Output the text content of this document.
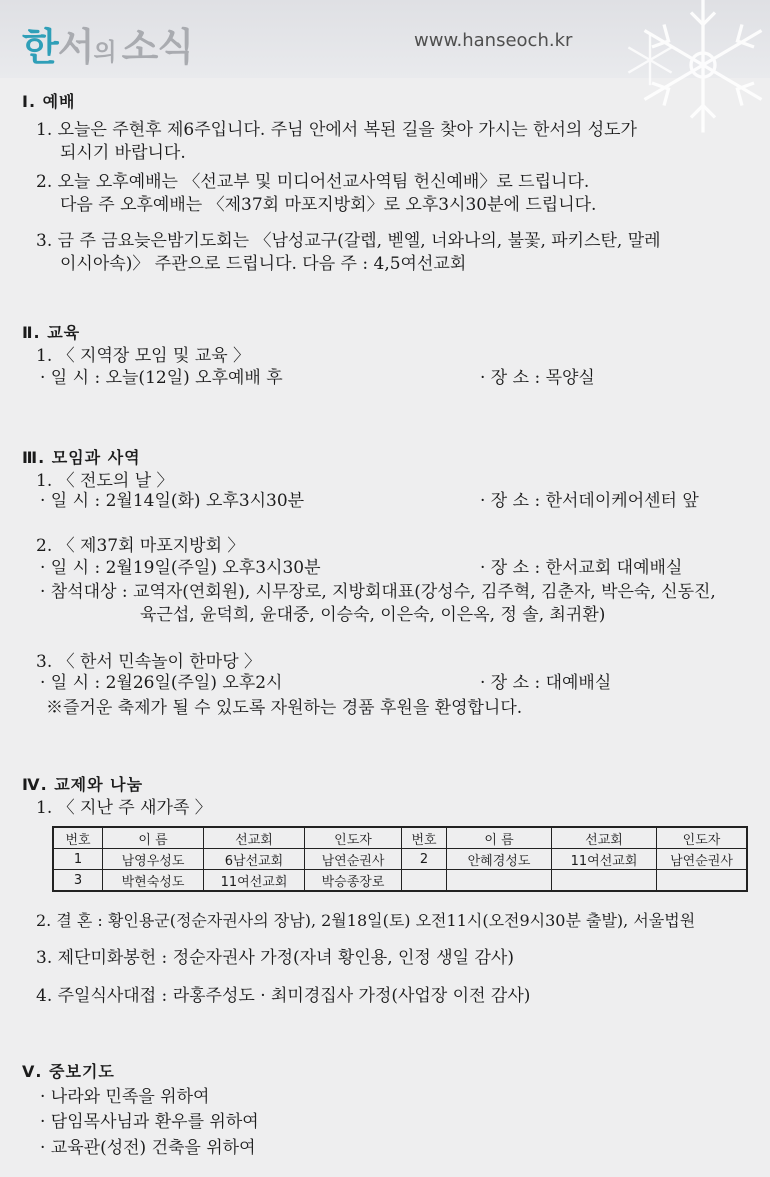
한서의 소식	www.hanseoch.kr
Ⅰ. 예배
1. 오늘은 주현후 제6주입니다. 주님 안에서 복된 길을 찾아 가시는 한서의 성도가
되시기 바랍니다.
2. 오늘 오후예배는 〈선교부 및 미디어선교사역팀 헌신예배〉로 드립니다.
다음 주 오후예배는 〈제37회 마포지방회〉로 오후3시30분에 드립니다.
3. 금 주 금요늦은밤기도회는 〈남성교구(갈렙, 벧엘, 너와나의, 불꽃, 파키스탄, 말레
이시아속)〉 주관으로 드립니다. 다음 주 : 4,5여선교회
Ⅱ. 교육
1. 〈 지역장 모임 및 교육 〉
· 일 시 : 오늘(12일) 오후예배 후	· 장 소 : 목양실
Ⅲ. 모임과 사역
1. 〈 전도의 날 〉
· 일 시 : 2월14일(화) 오후3시30분	· 장 소 : 한서데이케어센터 앞
2. 〈 제37회 마포지방회 〉
· 일 시 : 2월19일(주일) 오후3시30분	· 장 소 : 한서교회 대예배실
· 참석대상 : 교역자(연회원), 시무장로, 지방회대표(강성수, 김주혁, 김춘자, 박은숙, 신동진,
육근섭, 윤덕희, 윤대중, 이승숙, 이은숙, 이은옥, 정 솔, 최귀환)
3. 〈 한서 민속놀이 한마당 〉
· 일 시 : 2월26일(주일) 오후2시	· 장 소 : 대예배실
※즐거운 축제가 될 수 있도록 자원하는 경품 후원을 환영합니다.
Ⅳ. 교제와 나눔
1. 〈 지난 주 새가족 〉
번호	이 름	선교회	인도자	번호	이 름	선교회	인도자
1	남영우성도	6남선교회	남연순권사	2	안혜경성도	11여선교회	남연순권사
3	박현숙성도	11여선교회	박승종장로				
2. 결 혼 : 황인용군(정순자권사의 장남), 2월18일(토) 오전11시(오전9시30분 출발), 서울법원
3. 제단미화봉헌 : 정순자권사 가정(자녀 황인용, 인정 생일 감사)
4. 주일식사대접 : 라홍주성도 · 최미경집사 가정(사업장 이전 감사)
Ⅴ. 중보기도
· 나라와 민족을 위하여
· 담임목사님과 환우를 위하여
· 교육관(성전) 건축을 위하여
